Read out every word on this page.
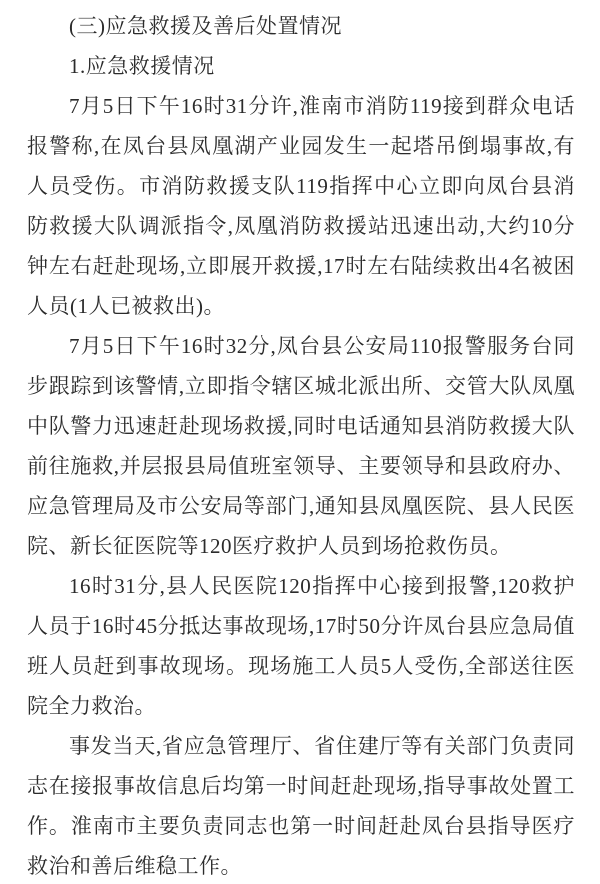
(三)应急救援及善后处置情况

1.应急救援情况

7月5日下午16时31分许,淮南市消防119接到群众电话报警称,在凤台县凤凰湖产业园发生一起塔吊倒塌事故,有人员受伤。市消防救援支队119指挥中心立即向凤台县消防救援大队调派指令,凤凰消防救援站迅速出动,大约10分钟左右赶赴现场,立即展开救援,17时左右陆续救出4名被困人员(1人已被救出)。

7月5日下午16时32分,凤台县公安局110报警服务台同步跟踪到该警情,立即指令辖区城北派出所、交管大队凤凰中队警力迅速赶赴现场救援,同时电话通知县消防救援大队前往施救,并层报县局值班室领导、主要领导和县政府办、应急管理局及市公安局等部门,通知县凤凰医院、县人民医院、新长征医院等120医疗救护人员到场抢救伤员。

16时31分,县人民医院120指挥中心接到报警,120救护人员于16时45分抵达事故现场,17时50分许凤台县应急局值班人员赶到事故现场。现场施工人员5人受伤,全部送往医院全力救治。

事发当天,省应急管理厅、省住建厅等有关部门负责同志在接报事故信息后均第一时间赶赴现场,指导事故处置工作。淮南市主要负责同志也第一时间赶赴凤台县指导医疗救治和善后维稳工作。
